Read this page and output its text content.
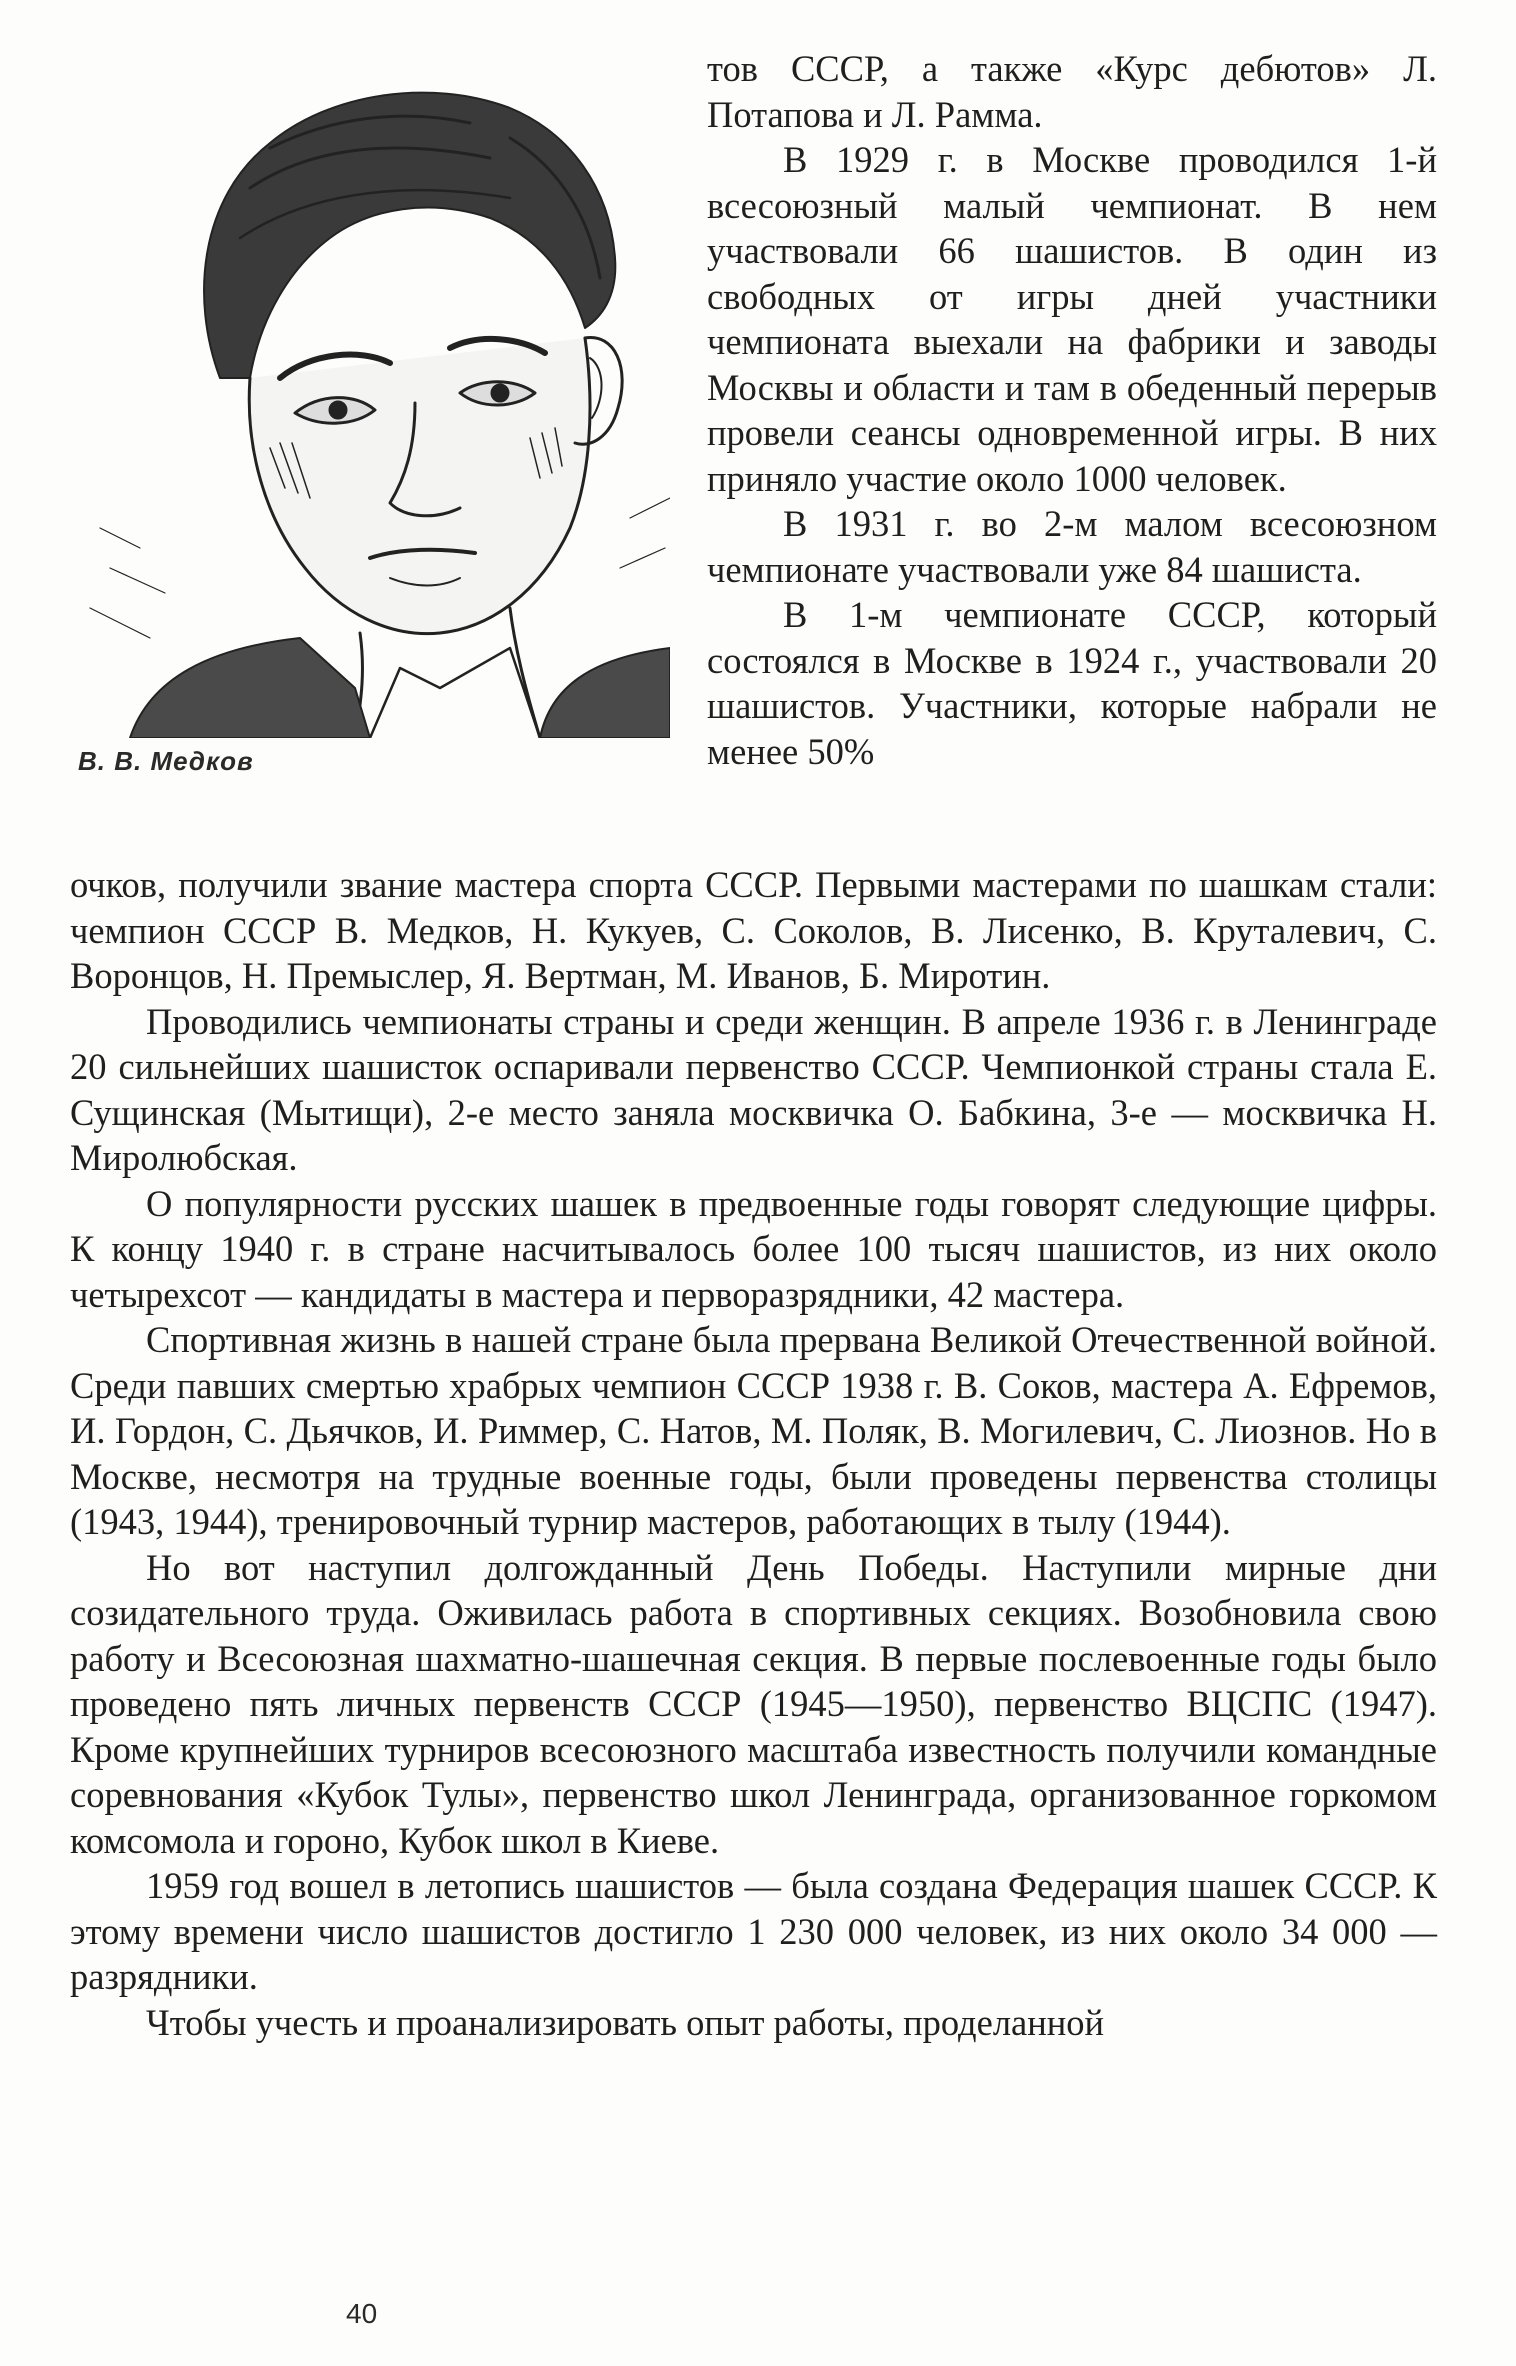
В. В. Медков

тов СССР, а также «Курс дебютов» Л. Потапова и Л. Рамма.

В 1929 г. в Москве проводился 1-й всесоюзный малый чемпионат. В нем участвовали 66 шашистов. В один из свободных от игры дней участники чемпионата выехали на фабрики и заводы Москвы и области и там в обеденный перерыв провели сеансы одновременной игры. В них приняло участие около 1000 человек.

В 1931 г. во 2-м малом всесоюзном чемпионате участвовали уже 84 шашиста.

В 1-м чемпионате СССР, который состоялся в Москве в 1924 г., участвовали 20 шашистов. Участники, которые набрали не менее 50%

очков, получили звание мастера спорта СССР. Первыми мастерами по шашкам стали: чемпион СССР В. Медков, Н. Кукуев, С. Соколов, В. Лисенко, В. Круталевич, С. Воронцов, Н. Премыслер, Я. Вертман, М. Иванов, Б. Миротин.

Проводились чемпионаты страны и среди женщин. В апреле 1936 г. в Ленинграде 20 сильнейших шашисток оспаривали первенство СССР. Чемпионкой страны стала Е. Сущинская (Мытищи), 2-е место заняла москвичка О. Бабкина, 3-е — москвичка Н. Миролюбская.

О популярности русских шашек в предвоенные годы говорят следующие цифры. К концу 1940 г. в стране насчитывалось более 100 тысяч шашистов, из них около четырехсот — кандидаты в мастера и перворазрядники, 42 мастера.

Спортивная жизнь в нашей стране была прервана Великой Отечественной войной. Среди павших смертью храбрых чемпион СССР 1938 г. В. Соков, мастера А. Ефремов, И. Гордон, С. Дьячков, И. Риммер, С. Натов, М. Поляк, В. Могилевич, С. Лиознов. Но в Москве, несмотря на трудные военные годы, были проведены первенства столицы (1943, 1944), тренировочный турнир мастеров, работающих в тылу (1944).

Но вот наступил долгожданный День Победы. Наступили мирные дни созидательного труда. Оживилась работа в спортивных секциях. Возобновила свою работу и Всесоюзная шахматно-шашечная секция. В первые послевоенные годы было проведено пять личных первенств СССР (1945—1950), первенство ВЦСПС (1947). Кроме крупнейших турниров всесоюзного масштаба известность получили командные соревнования «Кубок Тулы», первенство школ Ленинграда, организованное горкомом комсомола и гороно, Кубок школ в Киеве.

1959 год вошел в летопись шашистов — была создана Федерация шашек СССР. К этому времени число шашистов достигло 1 230 000 человек, из них около 34 000 — разрядники.

Чтобы учесть и проанализировать опыт работы, проделанной

40
